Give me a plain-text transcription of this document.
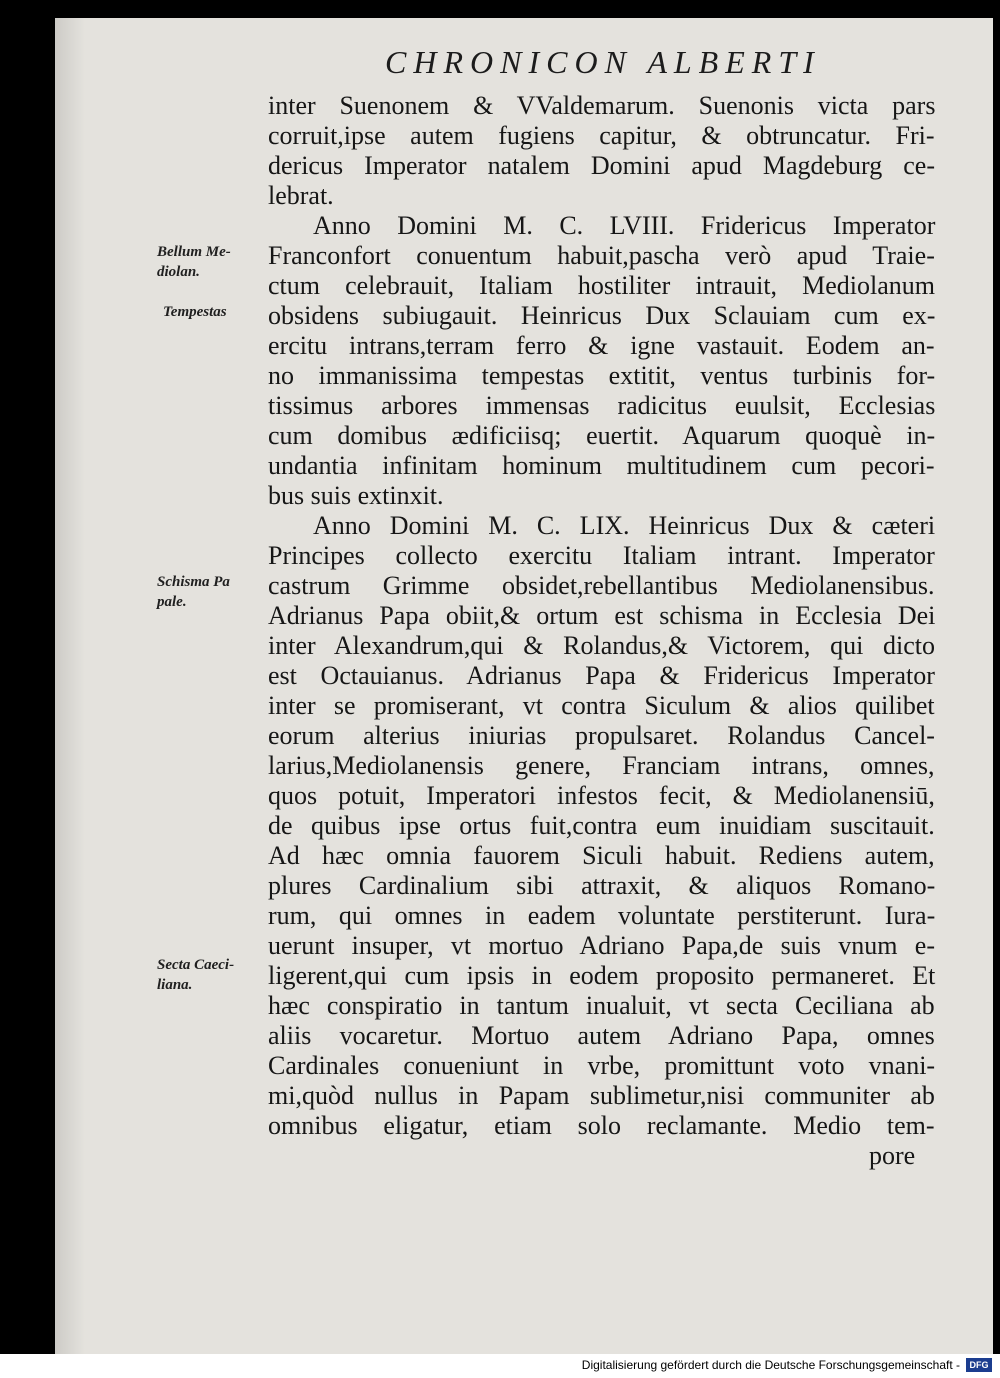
CHRONICON ALBERTI
inter Suenonem & VValdemarum. Suenonis victa pars
corruit,ipse autem fugiens capitur, & obtruncatur. Fri-
dericus Imperator natalem Domini apud Magdeburg ce-
lebrat.
Anno Domini M. C. LVIII. Fridericus Imperator
Franconfort conuentum habuit,pascha verò apud Traie-
ctum celebrauit, Italiam hostiliter intrauit, Mediolanum
obsidens subiugauit. Heinricus Dux Sclauiam cum ex-
ercitu intrans,terram ferro & igne vastauit. Eodem an-
no immanissima tempestas extitit, ventus turbinis for-
tissimus arbores immensas radicitus euulsit, Ecclesias
cum domibus ædificiisq; euertit. Aquarum quoquè in-
undantia infinitam hominum multitudinem cum pecori-
bus suis extinxit.
Anno Domini M. C. LIX. Heinricus Dux & cæteri
Principes collecto exercitu Italiam intrant. Imperator
castrum Grimme obsidet,rebellantibus Mediolanensibus.
Adrianus Papa obiit,& ortum est schisma in Ecclesia Dei
inter Alexandrum,qui & Rolandus,& Victorem, qui dicto
est Octauianus. Adrianus Papa & Fridericus Imperator
inter se promiserant, vt contra Siculum & alios quilibet
eorum alterius iniurias propulsaret. Rolandus Cancel-
larius,Mediolanensis genere, Franciam intrans, omnes,
quos potuit, Imperatori infestos fecit, & Mediolanensiū,
de quibus ipse ortus fuit,contra eum inuidiam suscitauit.
Ad hæc omnia fauorem Siculi habuit. Rediens autem,
plures Cardinalium sibi attraxit, & aliquos Romano-
rum, qui omnes in eadem voluntate perstiterunt. Iura-
uerunt insuper, vt mortuo Adriano Papa,de suis vnum e-
ligerent,qui cum ipsis in eodem proposito permaneret. Et
hæc conspiratio in tantum inualuit, vt secta Ceciliana ab
aliis vocaretur. Mortuo autem Adriano Papa, omnes
Cardinales conueniunt in vrbe, promittunt voto vnani-
mi,quòd nullus in Papam sublimetur,nisi communiter ab
omnibus eligatur, etiam solo reclamante. Medio tem-
pore
Bellum Me-
diolan.
Tempestas
Schisma Pa
pale.
Secta Caeci-
liana.
Digitalisierung gefördert durch die Deutsche Forschungsgemeinschaft -	DFG
